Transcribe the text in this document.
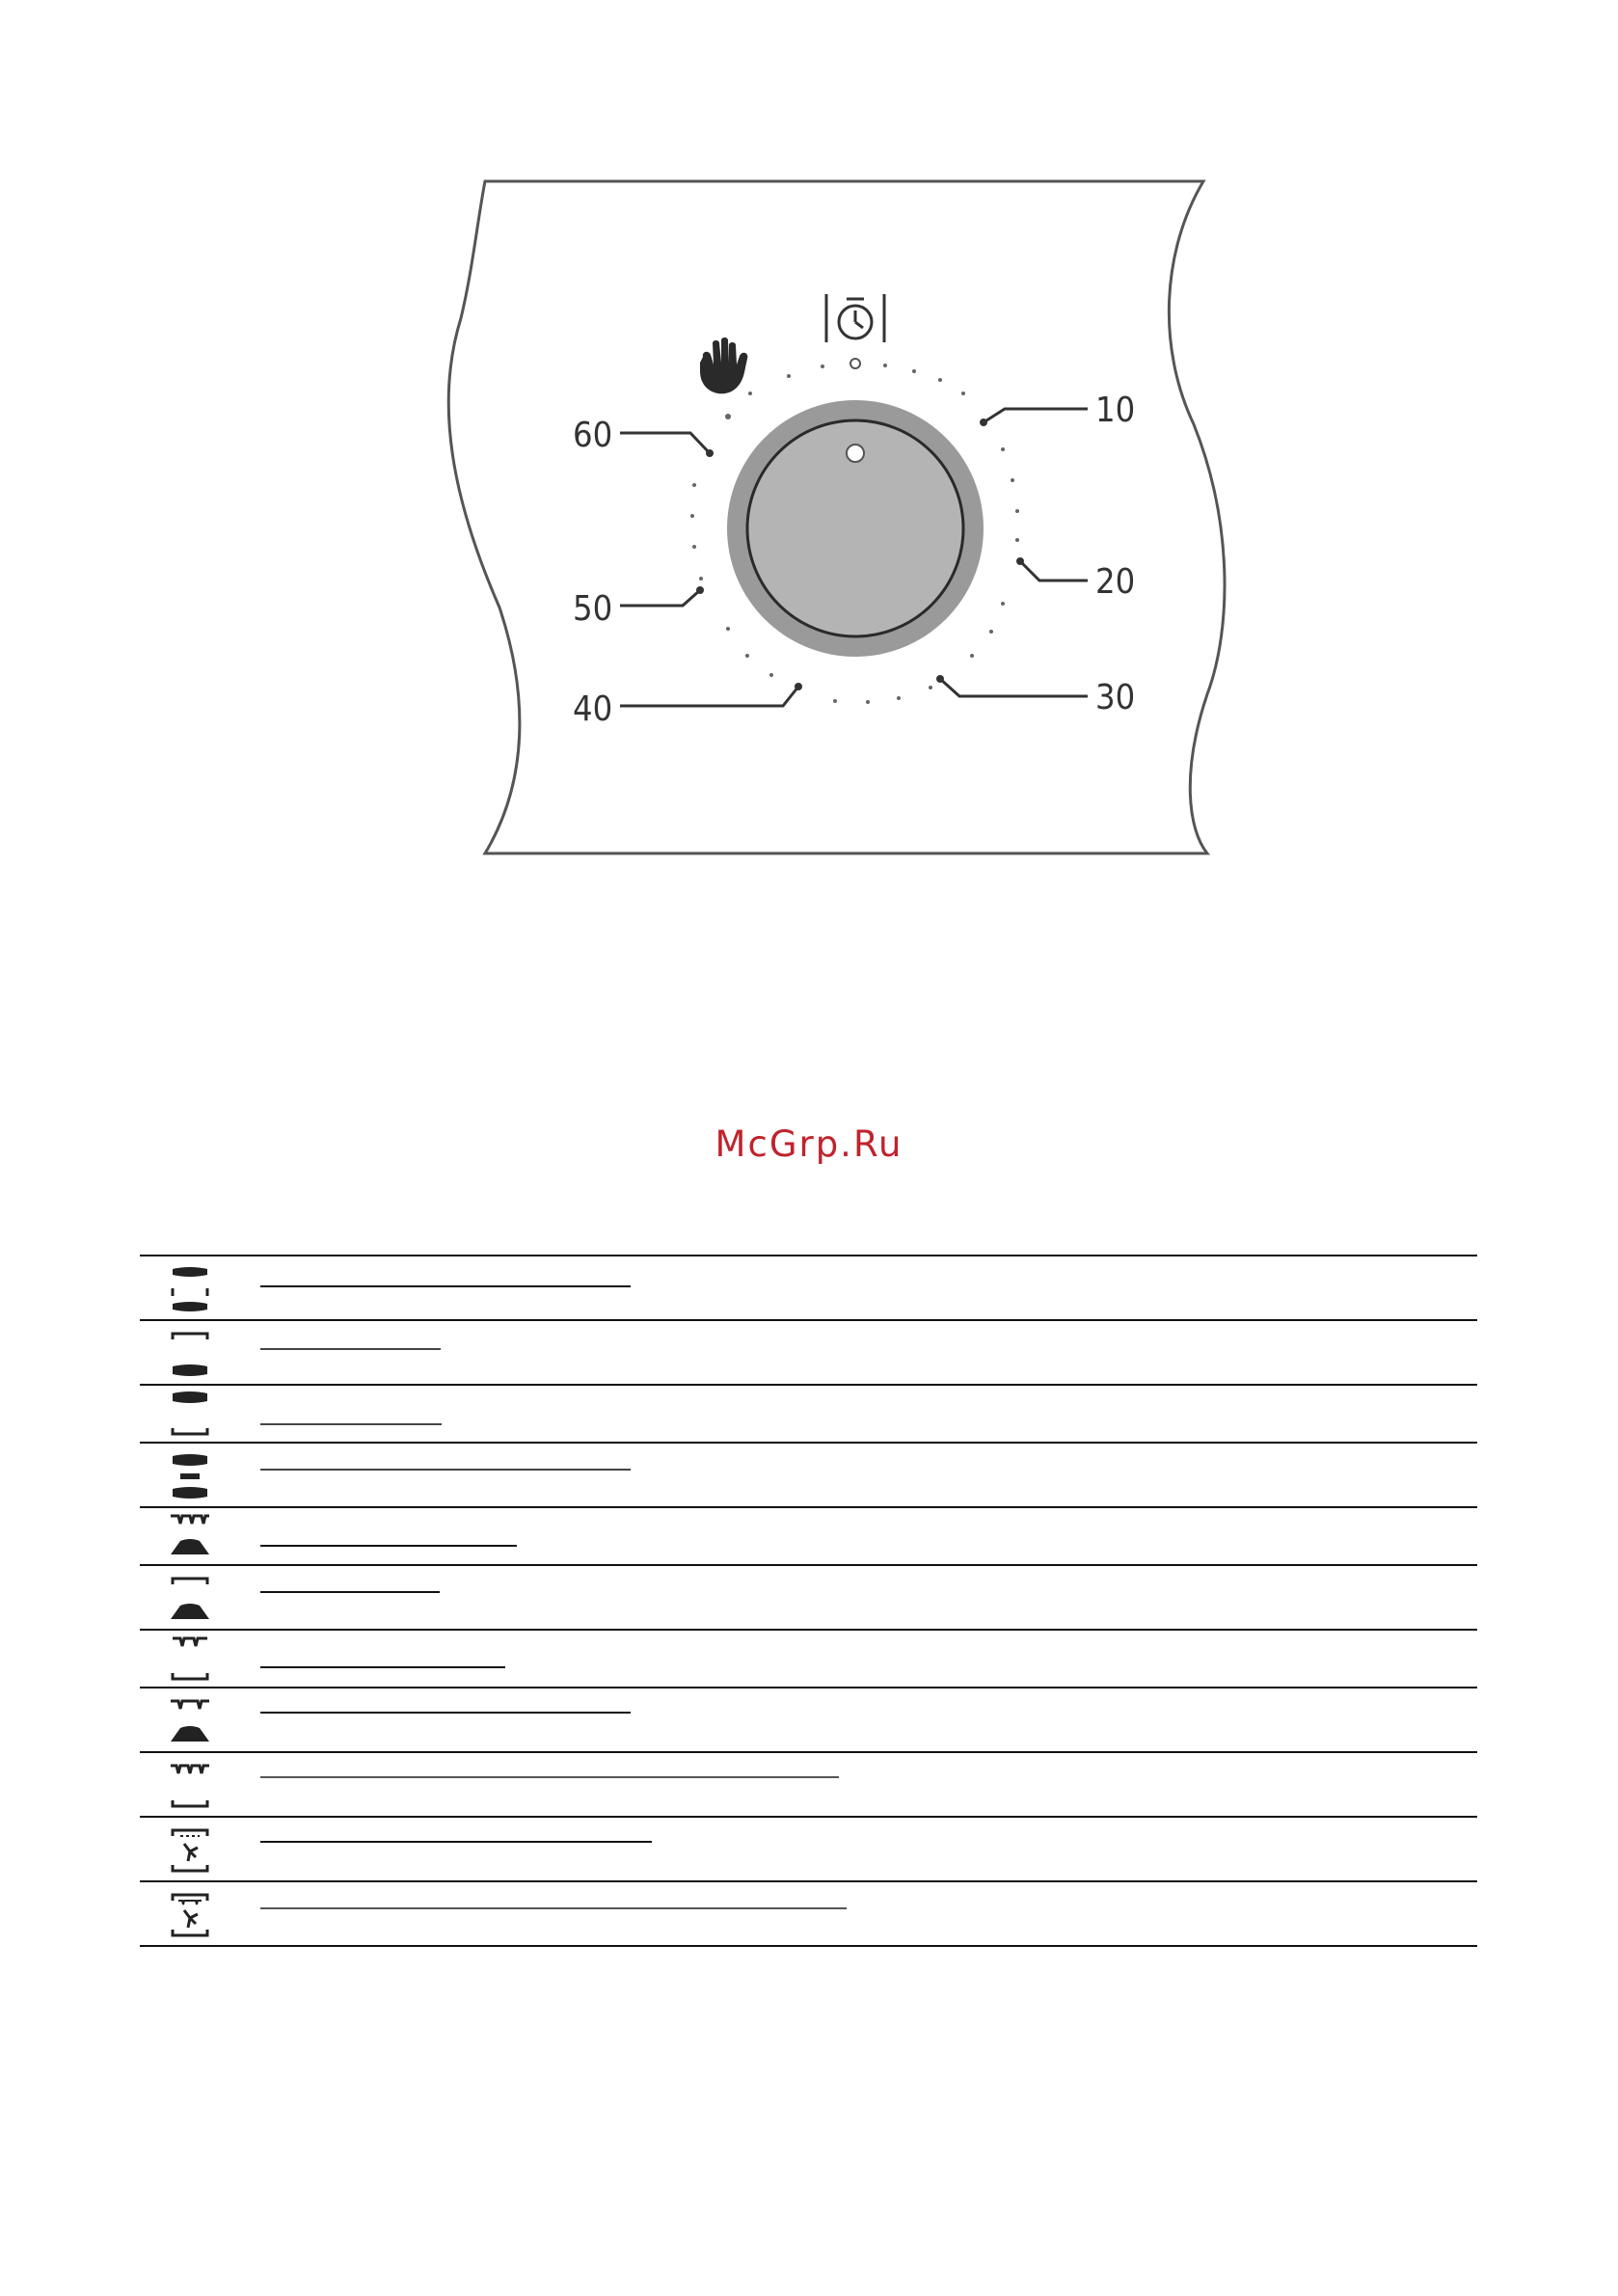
10
20
30
40
50
60
McGrp.Ru
